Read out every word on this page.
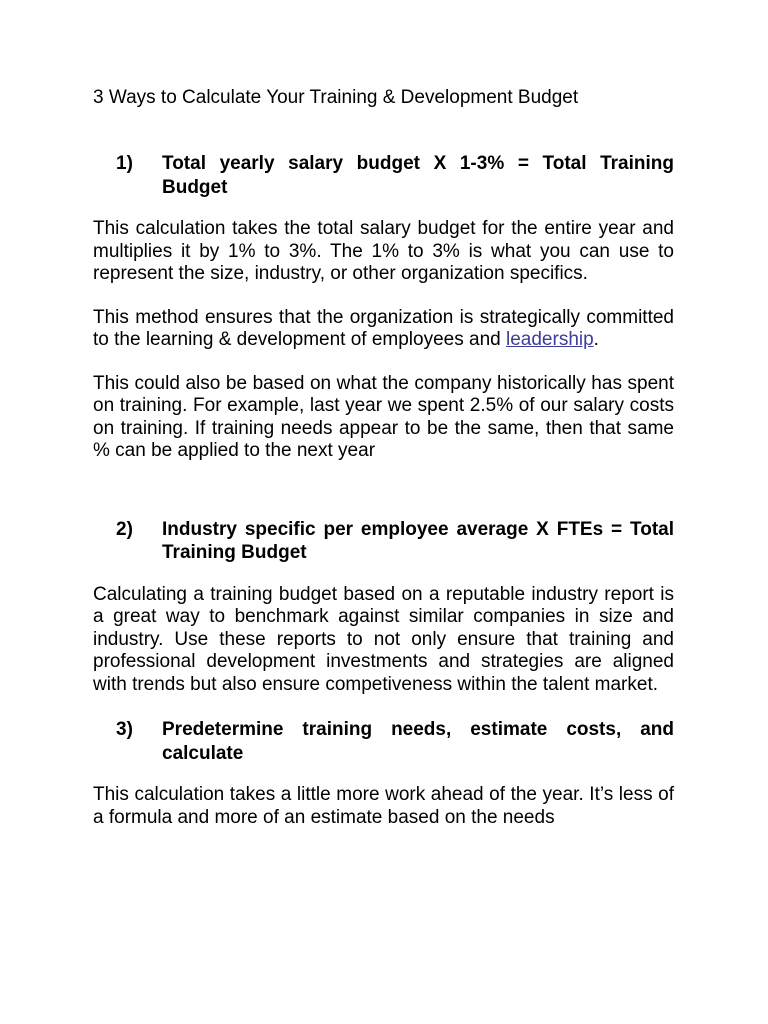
3 Ways to Calculate Your Training & Development Budget
1)	Total yearly salary budget X 1-3% = Total Training Budget

This calculation takes the total salary budget for the entire year and multiplies it by 1% to 3%. The 1% to 3% is what you can use to represent the size, industry, or other organization specifics.

This method ensures that the organization is strategically committed to the learning & development of employees and leadership.

This could also be based on what the company historically has spent on training. For example, last year we spent 2.5% of our salary costs on training. If training needs appear to be the same, then that same % can be applied to the next year

2)	Industry specific per employee average X FTEs = Total Training Budget

Calculating a training budget based on a reputable industry report is a great way to benchmark against similar companies in size and industry. Use these reports to not only ensure that training and professional development investments and strategies are aligned with trends but also ensure competiveness within the talent market.

3)	Predetermine training needs, estimate costs, and calculate

This calculation takes a little more work ahead of the year. It’s less of a formula and more of an estimate based on the needs
